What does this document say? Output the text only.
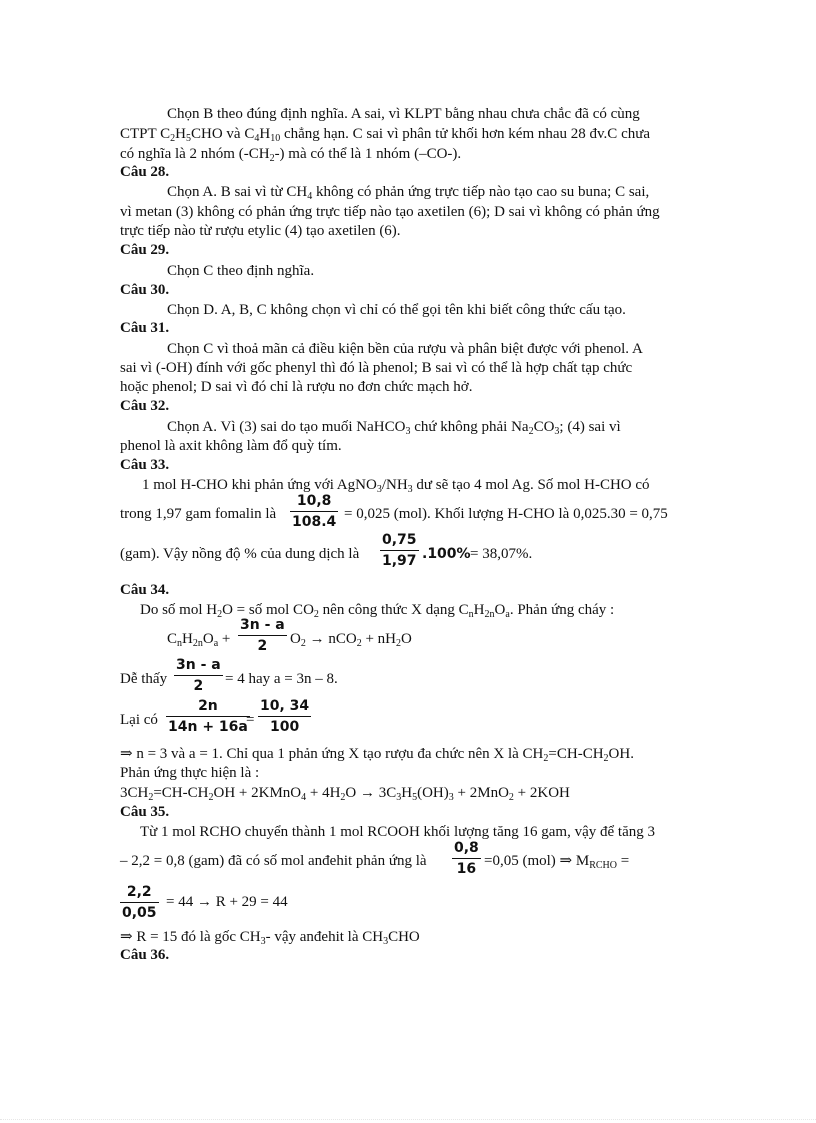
Chọn B theo đúng định nghĩa. A sai, vì KLPT bằng nhau chưa chắc đã có cùng
CTPT $C_2H_5CHO$ và $C_4H_{10}$ chẳng hạn. C sai vì phân tử khối hơn kém nhau 28 đv.C chưa
có nghĩa là 2 nhóm $(-CH_2-)$ mà có thể là 1 nhóm (–CO-).
Câu 28.
Chọn A. B sai vì từ $CH_4$ không có phản ứng trực tiếp nào tạo cao su buna; C sai,
vì metan (3) không có phản ứng trực tiếp nào tạo axetilen (6); D sai vì không có phản ứng
trực tiếp nào từ rượu etylic (4) tạo axetilen (6).
Câu 29.
Chọn C theo định nghĩa.
Câu 30.
Chọn D. A, B, C không chọn vì chỉ có thể gọi tên khi biết công thức cấu tạo.
Câu 31.
Chọn C vì thoả mãn cả điều kiện bền của rượu và phân biệt được với phenol. A
sai vì (-OH) đính với gốc phenyl thì đó là phenol; B sai vì có thể là hợp chất tạp chức
hoặc phenol; D sai vì đó chỉ là rượu no đơn chức mạch hở.
Câu 32.
Chọn A. Vì (3) sai do tạo muối NaHCO$_3$ chứ không phải $Na_2CO_3$; (4) sai vì
phenol là axit không làm đổ quỳ tím.
Câu 33.
1 mol H-CHO khi phản ứng với $AgNO_3/NH_3$ dư sẽ tạo 4 mol Ag. Số mol H-CHO có
trong 1,97 gam fomalin là
10,8
108.4 = 0,025 (mol). Khối lượng H-CHO là 0,025.30 = 0,75
(gam). Vậy nồng độ % của dung dịch là
0,75
1,97 .100% = 38,07%.
Câu 34.
Do số mol $H_2O$ = số mol $CO_2$ nên công thức X dạng $C_nH_{2n}O_a$. Phản ứng cháy :
$C_nH_{2n}O_a$ +
3n - a
2 $O_2 \to nCO_2 + nH_2O$
Dễ thấy
3n - a
2 = 4 hay a = 3n – 8.
Lại có
2n
14n + 16a
=
10, 34
100
⇒ n = 3 và a = 1. Chỉ qua 1 phản ứng X tạo rượu đa chức nên X là $CH_2=CH-CH_2OH$.
Phản ứng thực hiện là :
$3CH_2=CH-CH_2OH$ + 2KMnO$_4$ + $4H_2O \to 3C_3H_5(OH)_3 + 2MnO_2 + 2KOH$
Câu 35.
Từ 1 mol RCHO chuyển thành 1 mol RCOOH khối lượng tăng 16 gam, vậy để tăng 3
– 2,2 = 0,8 (gam) đã có số mol anđehit phản ứng là
0,8
16 =0,05 (mol) ⇒ $M_{RCHO}$ =
2,2
0,05
= 44 → R + 29 = 44
⇒ R = 15 đó là gốc $CH_3-$ vậy anđehit là $CH_3CHO$
Câu 36.
